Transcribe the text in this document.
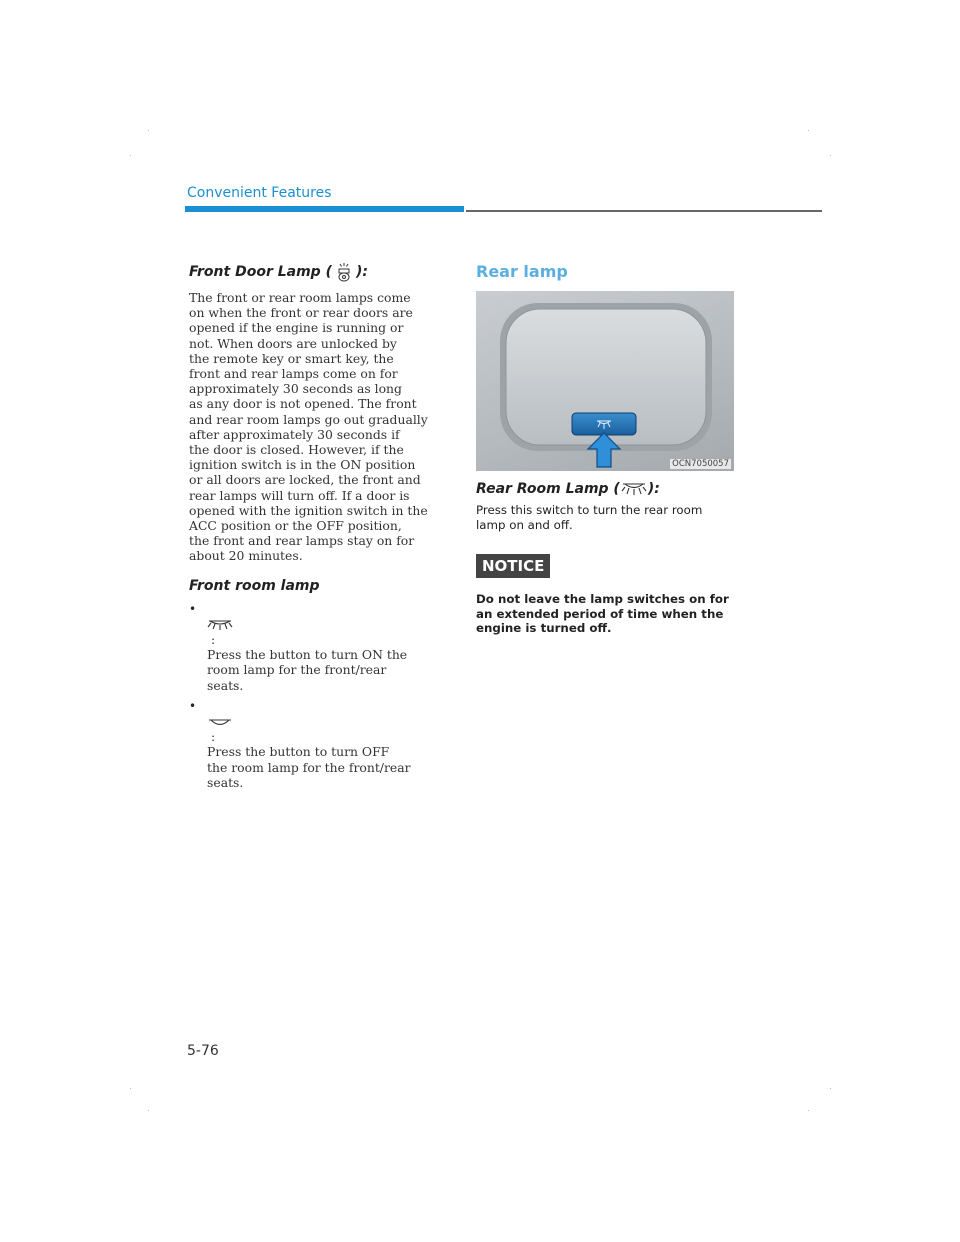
Convenient Features
Front Door Lamp ( ):

The front or rear room lamps come
on when the front or rear doors are
opened if the engine is running or
not. When doors are unlocked by
the remote key or smart key, the
front and rear lamps come on for
approximately 30 seconds as long
as any door is not opened. The front
and rear room lamps go out gradually
after approximately 30 seconds if
the door is closed. However, if the
ignition switch is in the ON position
or all doors are locked, the front and
rear lamps will turn off. If a door is
opened with the ignition switch in the
ACC position or the OFF position,
the front and rear lamps stay on for
about 20 minutes.

Front room lamp
•

:

Press the button to turn ON the
room lamp for the front/rear
seats.

•

:

Press the button to turn OFF
the room lamp for the front/rear
seats.

Rear lamp
OCN7050057
Rear Room Lamp ( ):

Press this switch to turn the rear room
lamp on and off.

NOTICE

Do not leave the lamp switches on for
an extended period of time when the
engine is turned off.

5-76
